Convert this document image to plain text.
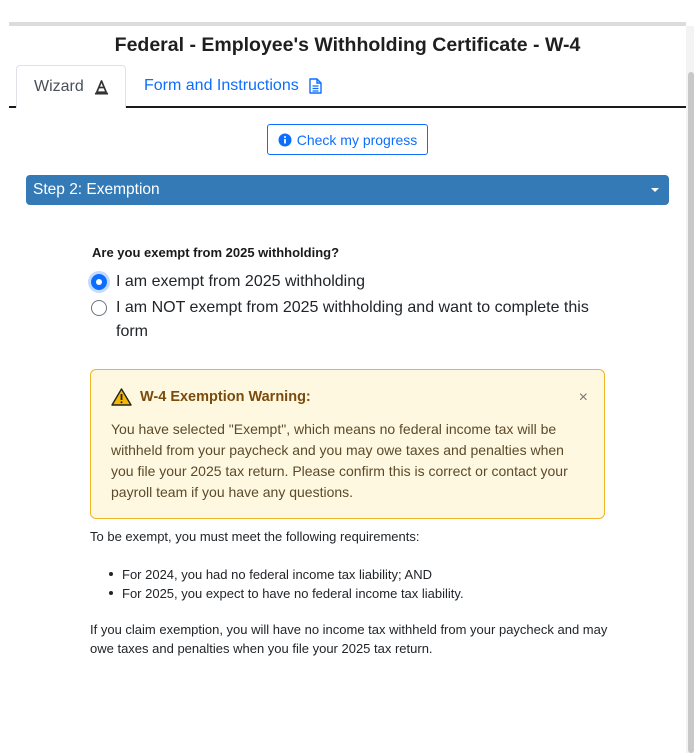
Federal - Employee's Withholding Certificate - W-4
Wizard	Form and Instructions
Check my progress
Step 2: Exemption
Are you exempt from 2025 withholding?
I am exempt from 2025 withholding
I am NOT exempt from 2025 withholding and want to complete this form
W-4 Exemption Warning:	×

You have selected "Exempt", which means no federal income tax will be withheld from your paycheck and you may owe taxes and penalties when you file your 2025 tax return. Please confirm this is correct or contact your payroll team if you have any questions.

To be exempt, you must meet the following requirements:

For 2024, you had no federal income tax liability; AND
For 2025, you expect to have no federal income tax liability.

If you claim exemption, you will have no income tax withheld from your paycheck and may owe taxes and penalties when you file your 2025 tax return.
